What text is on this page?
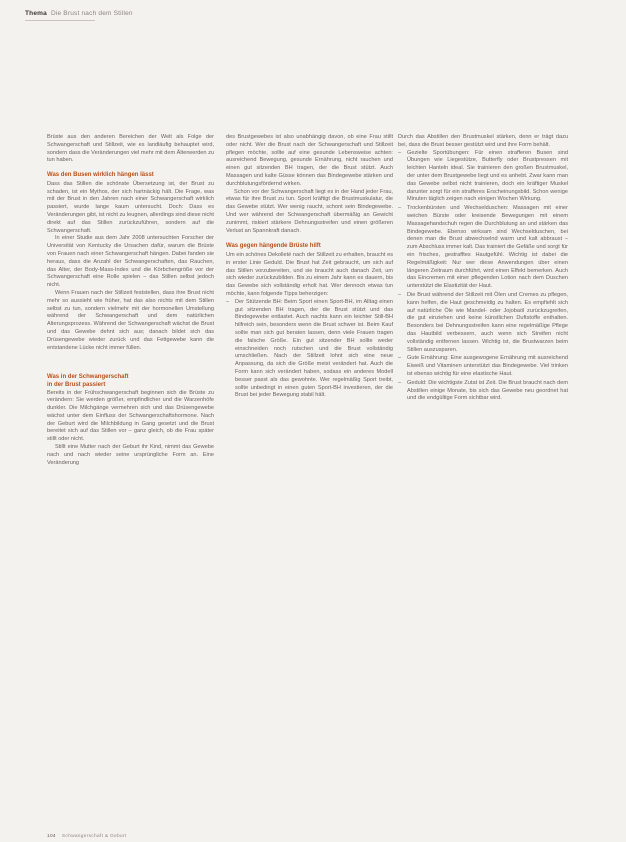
Thema Die Brust nach dem Stillen

Brüste aus den anderen Bereichen der Welt als Folge der Schwangerschaft und Stillzeit, wie es landläufig behauptet wird, sondern dass die Veränderungen viel mehr mit dem Älterwerden zu tun haben.

Was den Busen wirklich hängen lässt

Dass das Stillen die schönste Übersetzung ist, der Brust zu schaden, ist ein Mythos, der sich hartnäckig hält. Die Frage, was mit der Brust in den Jahren nach einer Schwangerschaft wirklich passiert, wurde lange kaum untersucht. Doch: Dass es Veränderungen gibt, ist nicht zu leugnen, allerdings sind diese nicht direkt auf das Stillen zurückzuführen, sondern auf die Schwangerschaft.

In einer Studie aus dem Jahr 2008 untersuchten Forscher der Universität von Kentucky die Ursachen dafür, warum die Brüste von Frauen nach einer Schwangerschaft hängen. Dabei fanden sie heraus, dass die Anzahl der Schwangerschaften, das Rauchen, das Alter, der Body-Mass-Index und die Körbchengröße vor der Schwangerschaft eine Rolle spielen – das Stillen selbst jedoch nicht.

Wenn Frauen nach der Stillzeit feststellen, dass ihre Brust nicht mehr so aussieht wie früher, hat das also nichts mit dem Stillen selbst zu tun, sondern vielmehr mit der hormonellen Umstellung während der Schwangerschaft und dem natürlichen Alterungsprozess. Während der Schwangerschaft wächst die Brust und das Gewebe dehnt sich aus; danach bildet sich das Drüsengewebe wieder zurück und das Fettgewebe kann die entstandene Lücke nicht immer füllen.

Was in der Schwangerschaft
in der Brust passiert

Bereits in der Frühschwangerschaft beginnen sich die Brüste zu verändern: Sie werden größer, empfindlicher und die Warzenhöfe dunkler. Die Milchgänge vermehren sich und das Drüsengewebe wächst unter dem Einfluss der Schwangerschaftshormone. Nach der Geburt wird die Milchbildung in Gang gesetzt und die Brust bereitet sich auf das Stillen vor – ganz gleich, ob die Frau später stillt oder nicht.

Stillt eine Mutter nach der Geburt ihr Kind, nimmt das Gewebe nach und nach wieder seine ursprüngliche Form an. Eine Veränderung

des Brustgewebes ist also unabhängig davon, ob eine Frau stillt oder nicht. Wer die Brust nach der Schwangerschaft und Stillzeit pflegen möchte, sollte auf eine gesunde Lebensweise achten: ausreichend Bewegung, gesunde Ernährung, nicht rauchen und einen gut sitzenden BH tragen, der die Brust stützt. Auch Massagen und kalte Güsse können das Bindegewebe stärken und durchblutungsfördernd wirken.

Schon vor der Schwangerschaft liegt es in der Hand jeder Frau, etwas für ihre Brust zu tun. Sport kräftigt die Brustmuskulatur, die das Gewebe stützt. Wer wenig raucht, schont sein Bindegewebe. Und wer während der Schwangerschaft übermäßig an Gewicht zunimmt, riskiert stärkere Dehnungsstreifen und einen größeren Verlust an Spannkraft danach.

Was gegen hängende Brüste hilft

Um ein schönes Dekolleté nach der Stillzeit zu erhalten, braucht es in erster Linie Geduld. Die Brust hat Zeit gebraucht, um sich auf das Stillen vorzubereiten, und sie braucht auch danach Zeit, um sich wieder zurückzubilden. Bis zu einem Jahr kann es dauern, bis das Gewebe sich vollständig erholt hat. Wer dennoch etwas tun möchte, kann folgende Tipps beherzigen:

– Der Stützende BH: Beim Sport einen Sport-BH, im Alltag einen gut sitzenden BH tragen, der die Brust stützt und das Bindegewebe entlastet. Auch nachts kann ein leichter Still-BH hilfreich sein, besonders wenn die Brust schwer ist. Beim Kauf sollte man sich gut beraten lassen, denn viele Frauen tragen die falsche Größe. Ein gut sitzender BH sollte weder einschneiden noch rutschen und die Brust vollständig umschließen. Nach der Stillzeit lohnt sich eine neue Anpassung, da sich die Größe meist verändert hat. Auch die Form kann sich verändert haben, sodass ein anderes Modell besser passt als das gewohnte. Wer regelmäßig Sport treibt, sollte unbedingt in einen guten Sport-BH investieren, der die Brust bei jeder Bewegung stabil hält.

Durch das Abstillen den Brustmuskel stärken, denn er trägt dazu bei, dass die Brust besser gestützt wird und ihre Form behält.

– Gezielte Sportübungen: Für einen strafferen Busen sind Übungen wie Liegestütze, Butterfly oder Brustpressen mit leichten Hanteln ideal. Sie trainieren den großen Brustmuskel, der unter dem Brustgewebe liegt und es anhebt. Zwar kann man das Gewebe selbst nicht trainieren, doch ein kräftiger Muskel darunter sorgt für ein strafferes Erscheinungsbild. Schon wenige Minuten täglich zeigen nach einigen Wochen Wirkung.
– Trockenbürsten und Wechselduschen: Massagen mit einer weichen Bürste oder kreisende Bewegungen mit einem Massagehandschuh regen die Durchblutung an und stärken das Bindegewebe. Ebenso wirksam sind Wechselduschen, bei denen man die Brust abwechselnd warm und kalt abbraust – zum Abschluss immer kalt. Das trainiert die Gefäße und sorgt für ein frisches, gestrafftes Hautgefühl. Wichtig ist dabei die Regelmäßigkeit: Nur wer diese Anwendungen über einen längeren Zeitraum durchführt, wird einen Effekt bemerken. Auch das Eincremen mit einer pflegenden Lotion nach dem Duschen unterstützt die Elastizität der Haut.
– Die Brust während der Stillzeit mit Ölen und Cremes zu pflegen, kann helfen, die Haut geschmeidig zu halten. Es empfiehlt sich auf natürliche Öle wie Mandel- oder Jojobaöl zurückzugreifen, die gut einziehen und keine künstlichen Duftstoffe enthalten. Besonders bei Dehnungsstreifen kann eine regelmäßige Pflege das Hautbild verbessern, auch wenn sich Streifen nicht vollständig entfernen lassen. Wichtig ist, die Brustwarzen beim Stillen auszusparen.
– Gute Ernährung: Eine ausgewogene Ernährung mit ausreichend Eiweiß und Vitaminen unterstützt das Bindegewebe. Viel trinken ist ebenso wichtig für eine elastische Haut.
– Geduld: Die wichtigste Zutat ist Zeit. Die Brust braucht nach dem Abstillen einige Monate, bis sich das Gewebe neu geordnet hat und die endgültige Form sichtbar wird.
104 Schwangerschaft & Geburt
